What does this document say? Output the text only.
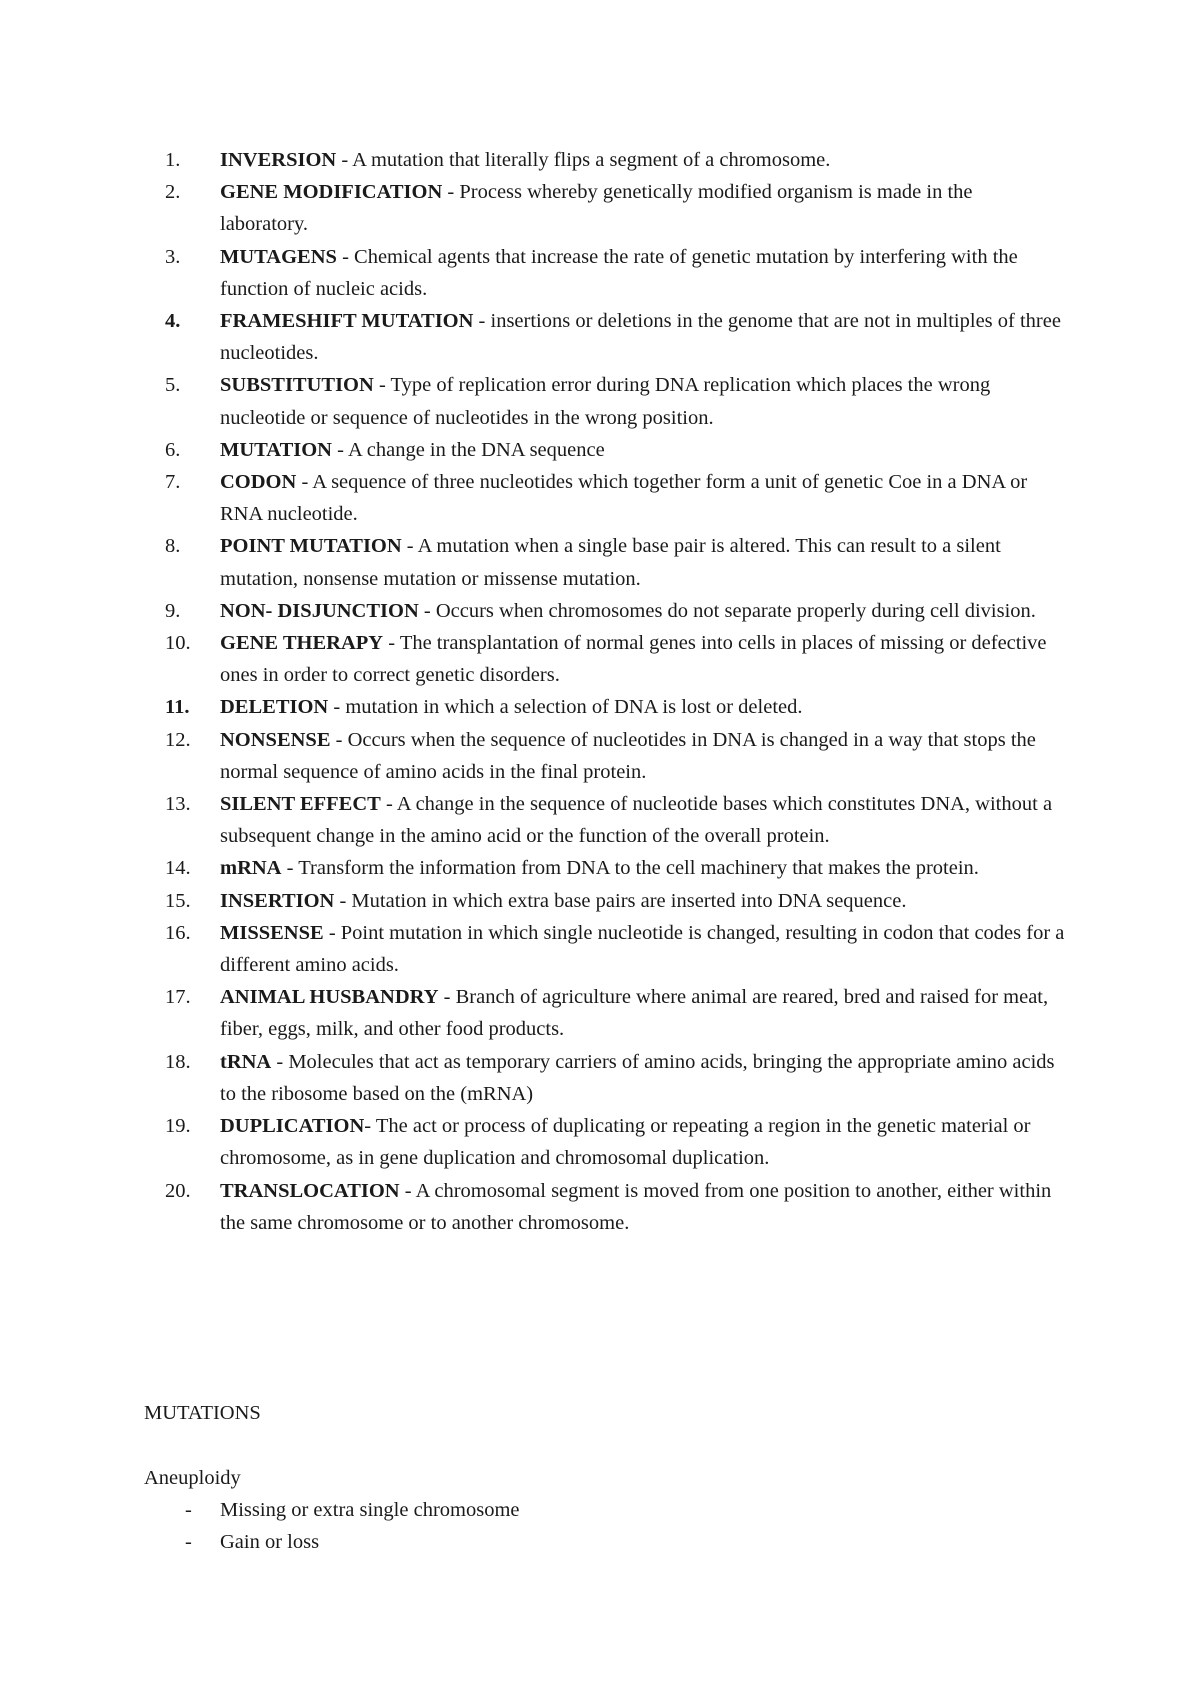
1.	INVERSION - A mutation that literally flips a segment of a chromosome.
2.	GENE MODIFICATION - Process whereby genetically modified organism is made in the laboratory.
3.	MUTAGENS - Chemical agents that increase the rate of genetic mutation by interfering with the function of nucleic acids.
4.	FRAMESHIFT MUTATION - insertions or deletions in the genome that are not in multiples of three nucleotides.
5.	SUBSTITUTION - Type of replication error during DNA replication which places the wrong nucleotide or sequence of nucleotides in the wrong position.
6.	MUTATION - A change in the DNA sequence
7.	CODON - A sequence of three nucleotides which together form a unit of genetic Coe in a DNA or RNA nucleotide.
8.	POINT MUTATION - A mutation when a single base pair is altered. This can result to a silent mutation, nonsense mutation or missense mutation.
9.	NON- DISJUNCTION - Occurs when chromosomes do not separate properly during cell division.
10.	GENE THERAPY - The transplantation of normal genes into cells in places of missing or defective ones in order to correct genetic disorders.
11.	DELETION - mutation in which a selection of DNA is lost or deleted.
12.	NONSENSE - Occurs when the sequence of nucleotides in DNA is changed in a way that stops the normal sequence of amino acids in the final protein.
13.	SILENT EFFECT - A change in the sequence of nucleotide bases which constitutes DNA, without a subsequent change in the amino acid or the function of the overall protein.
14.	mRNA - Transform the information from DNA to the cell machinery that makes the protein.
15.	INSERTION - Mutation in which extra base pairs are inserted into DNA sequence.
16.	MISSENSE - Point mutation in which single nucleotide is changed, resulting in codon that codes for a different amino acids.
17.	ANIMAL HUSBANDRY - Branch of agriculture where animal are reared, bred and raised for meat, fiber, eggs, milk, and other food products.
18.	tRNA - Molecules that act as temporary carriers of amino acids, bringing the appropriate amino acids to the ribosome based on the (mRNA)
19.	DUPLICATION- The act or process of duplicating or repeating a region in the genetic material or chromosome, as in gene duplication and chromosomal duplication.
20.	TRANSLOCATION - A chromosomal segment is moved from one position to another, either within the same chromosome or to another chromosome.
MUTATIONS
Aneuploidy
- Missing or extra single chromosome
- Gain or loss
